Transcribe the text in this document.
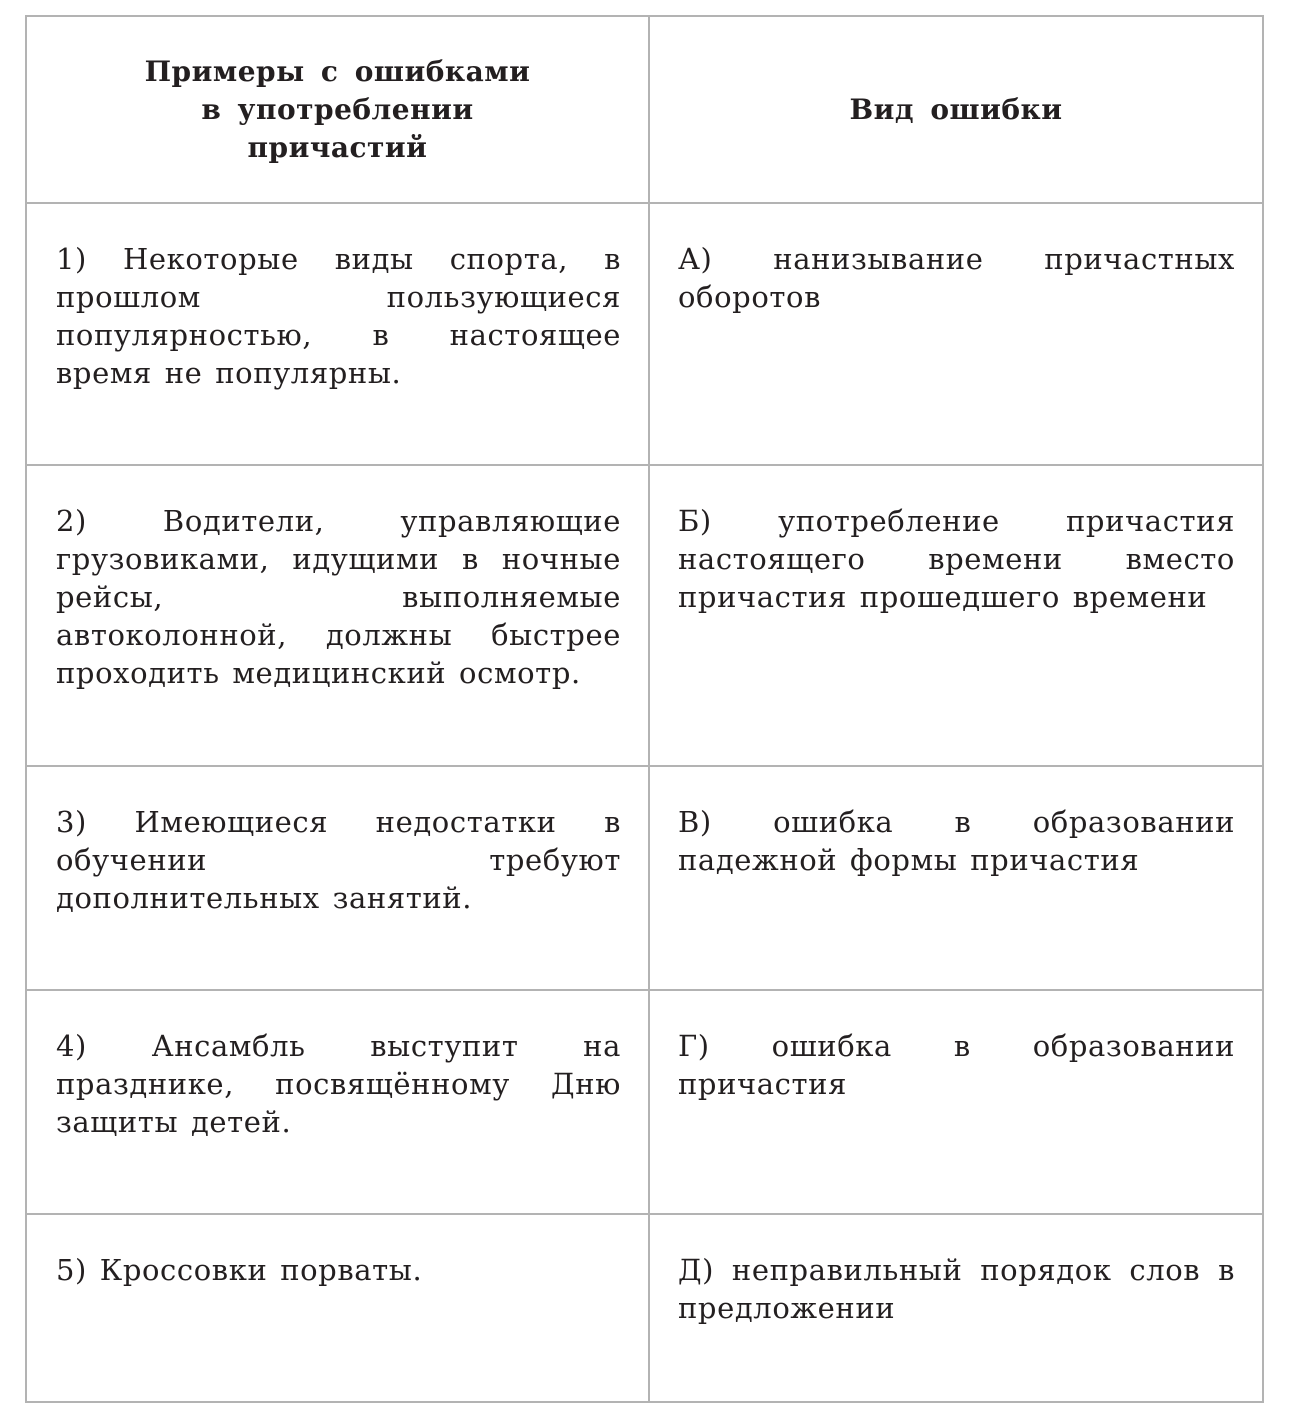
Примеры с ошибками
в употреблении
причастий	Вид ошибки
1) Некоторые виды спорта, в прошлом пользующиеся популярностью, в настоящее время не популярны.	А) нанизывание причастных оборотов
2) Водители, управляющие грузовиками, идущими в ночные рейсы, выполняемые автоколонной, должны быстрее проходить медицинский осмотр.	Б) употребление причастия настоящего времени вместо причастия прошедшего времени
3) Имеющиеся недостатки в обучении требуют дополнительных занятий.	В) ошибка в образовании падежной формы причастия
4) Ансамбль выступит на празднике, посвящённому Дню защиты детей.	Г) ошибка в образовании причастия
5) Кроссовки порваты.	Д) неправильный порядок слов в предложении
